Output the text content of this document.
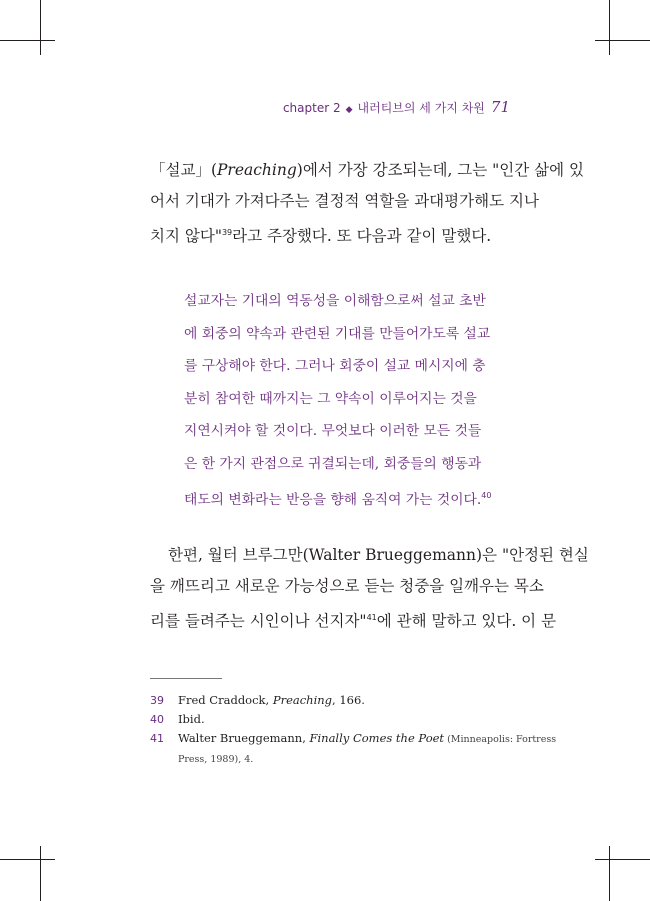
chapter 2 ◆ 내러티브의 세 가지 차원 71

「설교」(Preaching)에서 가장 강조되는데, 그는 "인간 삶에 있

어서 기대가 가져다주는 결정적 역할을 과대평가해도 지나

치지 않다"$^{39}$라고 주장했다. 또 다음과 같이 말했다.

설교자는 기대의 역동성을 이해함으로써 설교 초반

에 회중의 약속과 관련된 기대를 만들어가도록 설교

를 구상해야 한다. 그러나 회중이 설교 메시지에 충

분히 참여한 때까지는 그 약속이 이루어지는 것을

지연시켜야 할 것이다. 무엇보다 이러한 모든 것들

은 한 가지 관점으로 귀결되는데, 회중들의 행동과

태도의 변화라는 반응을 향해 움직여 가는 것이다.$^{40}$

한편, 월터 브루그만(Walter Brueggemann)은 "안정된 현실

을 깨뜨리고 새로운 가능성으로 듣는 청중을 일깨우는 목소

리를 들려주는 시인이나 선지자"$^{41}$에 관해 말하고 있다. 이 문

39 Fred Craddock, Preaching, 166.

40 Ibid.

41 Walter Brueggemann, Finally Comes the Poet (Minneapolis: Fortress

Press, 1989), 4.
